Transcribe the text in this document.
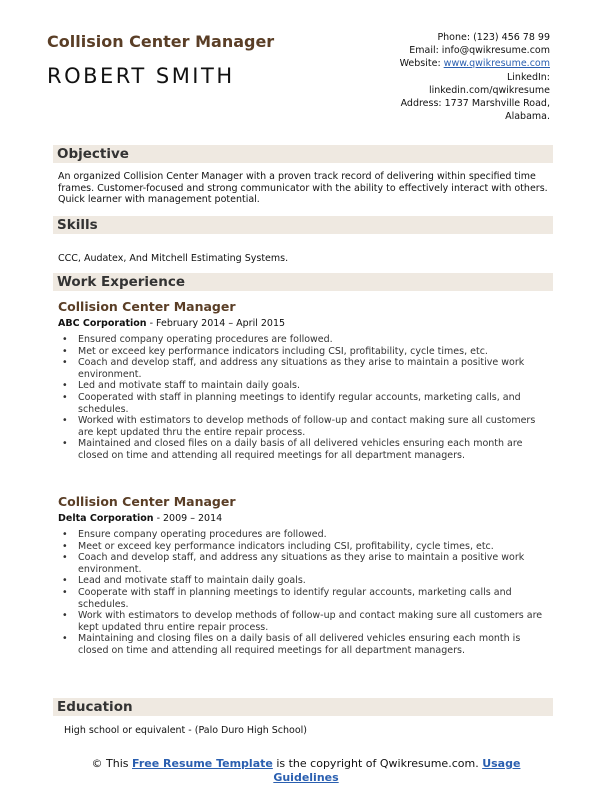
Collision Center Manager
ROBERT SMITH
Phone: (123) 456 78 99
Email: info@qwikresume.com
Website: www.qwikresume.com
LinkedIn:
linkedin.com/qwikresume
Address: 1737 Marshville Road,
Alabama.
Objective
An organized Collision Center Manager with a proven track record of delivering within specified time frames. Customer-focused and strong communicator with the ability to effectively interact with others. Quick learner with management potential.
Skills
CCC, Audatex, And Mitchell Estimating Systems.
Work Experience
Collision Center Manager
ABC Corporation - February 2014 – April 2015
• Ensured company operating procedures are followed.
• Met or exceed key performance indicators including CSI, profitability, cycle times, etc.
• Coach and develop staff, and address any situations as they arise to maintain a positive work environment.
• Led and motivate staff to maintain daily goals.
• Cooperated with staff in planning meetings to identify regular accounts, marketing calls, and schedules.
• Worked with estimators to develop methods of follow-up and contact making sure all customers are kept updated thru the entire repair process.
• Maintained and closed files on a daily basis of all delivered vehicles ensuring each month are closed on time and attending all required meetings for all department managers.
Collision Center Manager
Delta Corporation - 2009 – 2014
• Ensure company operating procedures are followed.
• Meet or exceed key performance indicators including CSI, profitability, cycle times, etc.
• Coach and develop staff, and address any situations as they arise to maintain a positive work environment.
• Lead and motivate staff to maintain daily goals.
• Cooperate with staff in planning meetings to identify regular accounts, marketing calls and schedules.
• Work with estimators to develop methods of follow-up and contact making sure all customers are kept updated thru entire repair process.
• Maintaining and closing files on a daily basis of all delivered vehicles ensuring each month is closed on time and attending all required meetings for all department managers.
Education
High school or equivalent - (Palo Duro High School)
© This Free Resume Template is the copyright of Qwikresume.com. Usage
Guidelines
